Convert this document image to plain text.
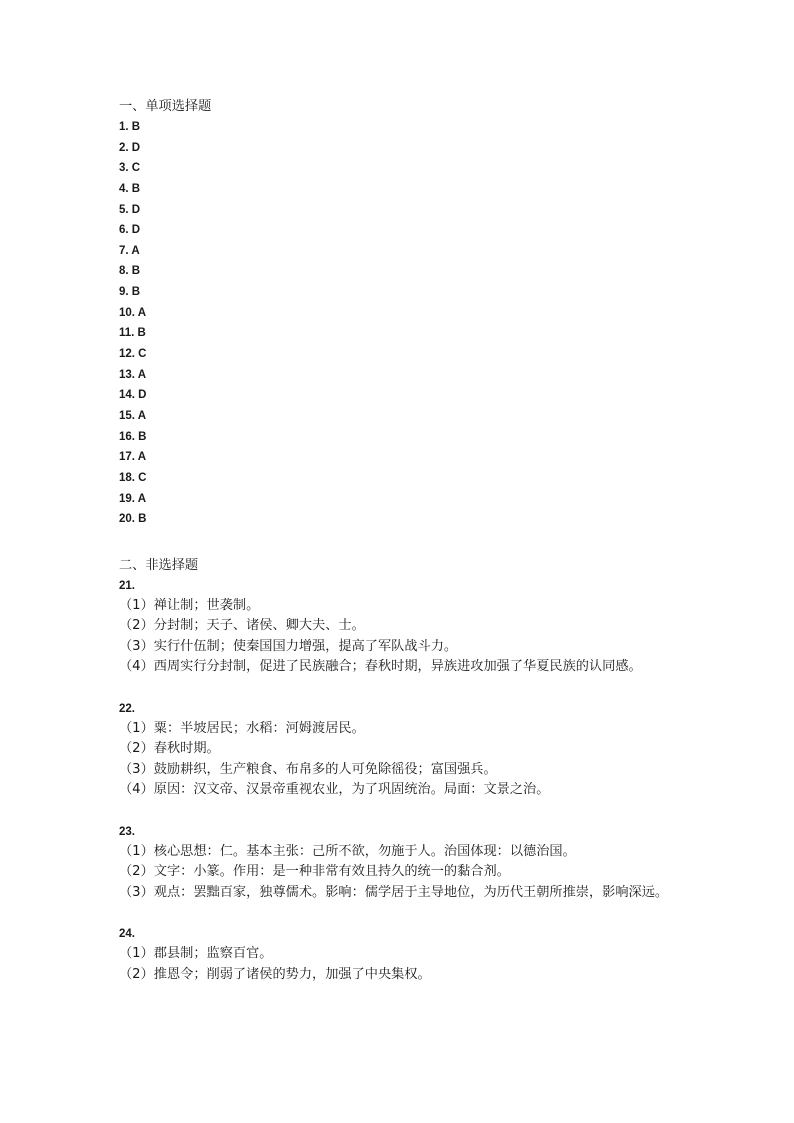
一、单项选择题
1. B
2. D
3. C
4. B
5. D
6. D
7. A
8. B
9. B
10. A
11. B
12. C
13. A
14. D
15. A
16. B
17. A
18. C
19. A
20. B
二、非选择题
21.
（1）禅让制；世袭制。
（2）分封制；天子、诸侯、卿大夫、士。
（3）实行什伍制；使秦国国力增强，提高了军队战斗力。
（4）西周实行分封制，促进了民族融合；春秋时期，异族进攻加强了华夏民族的认同感。
22.
（1）粟：半坡居民；水稻：河姆渡居民。
（2）春秋时期。
（3）鼓励耕织，生产粮食、布帛多的人可免除徭役；富国强兵。
（4）原因：汉文帝、汉景帝重视农业，为了巩固统治。局面：文景之治。
23.
（1）核心思想：仁。基本主张：己所不欲，勿施于人。治国体现：以德治国。
（2）文字：小篆。作用：是一种非常有效且持久的统一的黏合剂。
（3）观点：罢黜百家，独尊儒术。影响：儒学居于主导地位，为历代王朝所推崇，影响深远。
24.
（1）郡县制；监察百官。
（2）推恩令；削弱了诸侯的势力，加强了中央集权。
